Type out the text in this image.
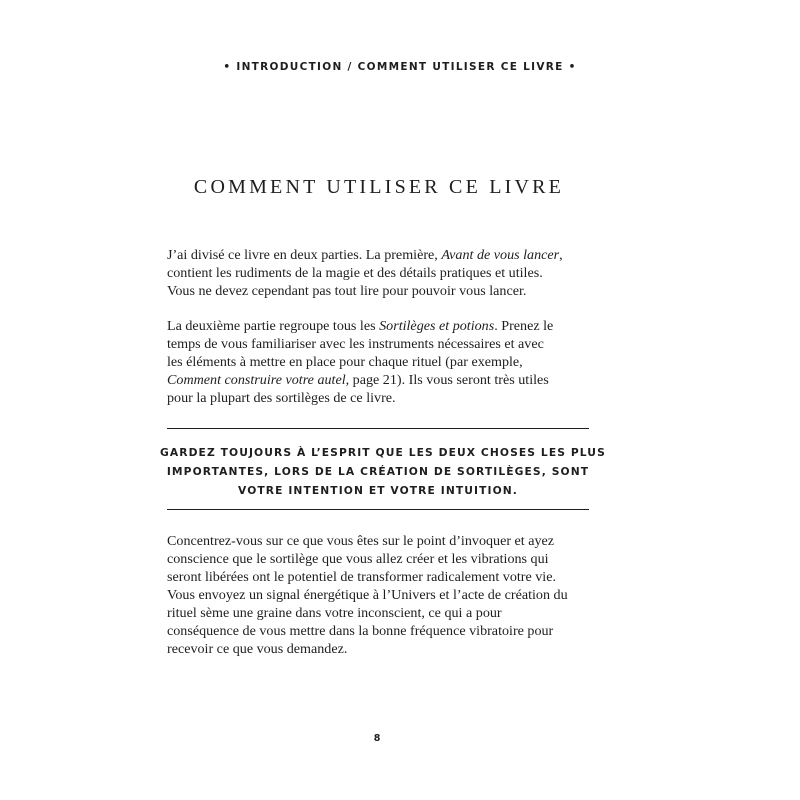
• INTRODUCTION / COMMENT UTILISER CE LIVRE •
COMMENT UTILISER CE LIVRE

J’ai divisé ce livre en deux parties. La première, Avant de vous lancer,
contient les rudiments de la magie et des détails pratiques et utiles.
Vous ne devez cependant pas tout lire pour pouvoir vous lancer.

La deuxième partie regroupe tous les Sortilèges et potions. Prenez le
temps de vous familiariser avec les instruments nécessaires et avec
les éléments à mettre en place pour chaque rituel (par exemple,
Comment construire votre autel, page 21). Ils vous seront très utiles
pour la plupart des sortilèges de ce livre.

GARDEZ TOUJOURS À L’ESPRIT QUE LES DEUX CHOSES LES PLUS
IMPORTANTES, LORS DE LA CRÉATION DE SORTILÈGES, SONT
VOTRE INTENTION ET VOTRE INTUITION.

Concentrez-vous sur ce que vous êtes sur le point d’invoquer et ayez
conscience que le sortilège que vous allez créer et les vibrations qui
seront libérées ont le potentiel de transformer radicalement votre vie.
Vous envoyez un signal énergétique à l’Univers et l’acte de création du
rituel sème une graine dans votre inconscient, ce qui a pour
conséquence de vous mettre dans la bonne fréquence vibratoire pour
recevoir ce que vous demandez.

8
